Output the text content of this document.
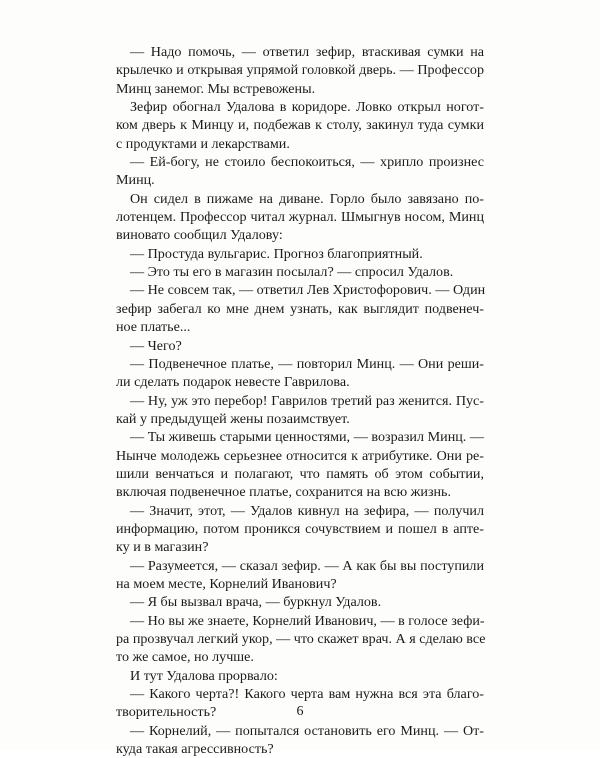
— Надо помочь, — ответил зефир, втаскивая сумки на
крылечко и открывая упрямой головкой дверь. — Профессор
Минц занемог. Мы встревожены.
Зефир обогнал Удалова в коридоре. Ловко открыл ногот-
ком дверь к Минцу и, подбежав к столу, закинул туда сумки
с продуктами и лекарствами.
— Ей-богу, не стоило беспокоиться, — хрипло произнес
Минц.
Он сидел в пижаме на диване. Горло было завязано по-
лотенцем. Профессор читал журнал. Шмыгнув носом, Минц
виновато сообщил Удалову:
— Простуда вульгарис. Прогноз благоприятный.
— Это ты его в магазин посылал? — спросил Удалов.
— Не совсем так, — ответил Лев Христофорович. — Один
зефир забегал ко мне днем узнать, как выглядит подвенеч-
ное платье...
— Чего?
— Подвенечное платье, — повторил Минц. — Они реши-
ли сделать подарок невесте Гаврилова.
— Ну, уж это перебор! Гаврилов третий раз женится. Пус-
кай у предыдущей жены позаимствует.
— Ты живешь старыми ценностями, — возразил Минц. —
Нынче молодежь серьезнее относится к атрибутике. Они ре-
шили венчаться и полагают, что память об этом событии,
включая подвенечное платье, сохранится на всю жизнь.
— Значит, этот, — Удалов кивнул на зефира, — получил
информацию, потом проникся сочувствием и пошел в апте-
ку и в магазин?
— Разумеется, — сказал зефир. — А как бы вы поступили
на моем месте, Корнелий Иванович?
— Я бы вызвал врача, — буркнул Удалов.
— Но вы же знаете, Корнелий Иванович, — в голосе зефи-
ра прозвучал легкий укор, — что скажет врач. А я сделаю все
то же самое, но лучше.
И тут Удалова прорвало:
— Какого черта?! Какого черта вам нужна вся эта благо-
творительность?
— Корнелий, — попытался остановить его Минц. — От-
куда такая агрессивность?
6
